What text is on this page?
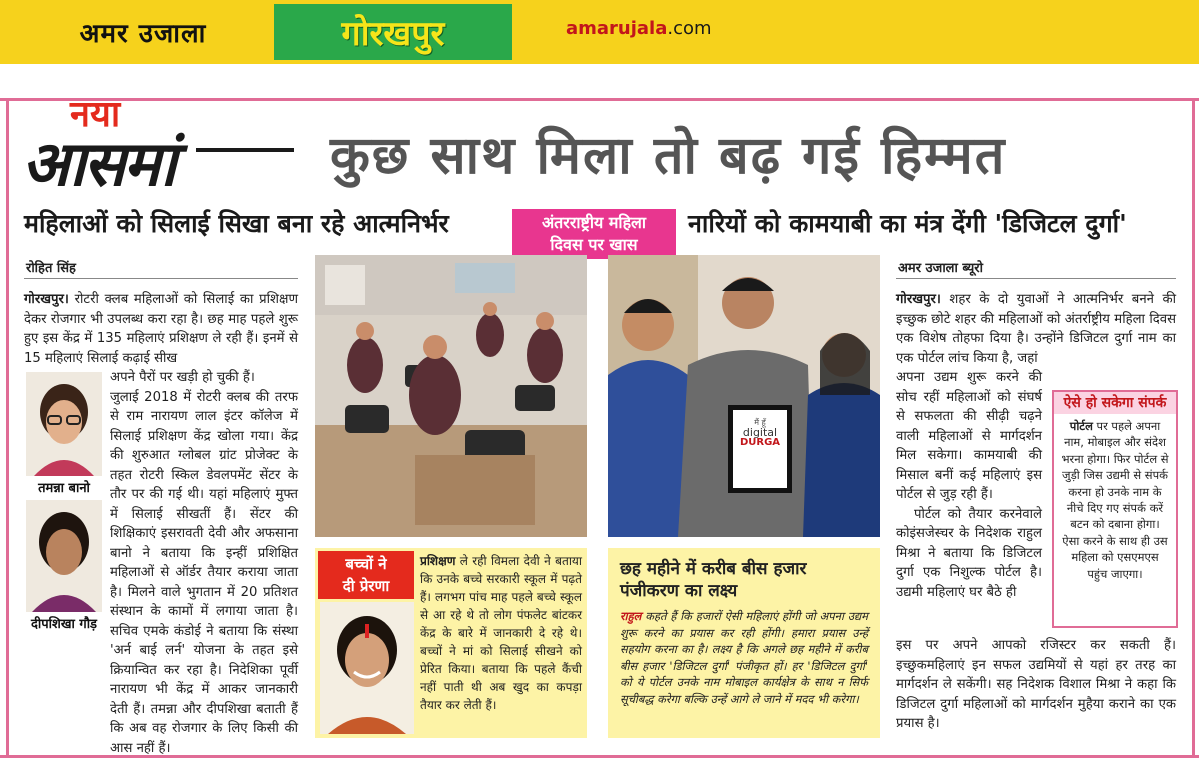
अमर उजाला	गोरखपुर	amarujala.com
नया
आसमां	कुछ साथ मिला तो बढ़ गई हिम्मत
महिलाओं को सिलाई सिखा बना रहे आत्मनिर्भर	अंतरराष्ट्रीय महिला
दिवस पर खास
नारियों को कामयाबी का मंत्र देंगी 'डिजिटल दुर्गा'
रोहित सिंह
गोरखपुर। रोटरी क्लब महिलाओं को सिलाई का प्रशिक्षण देकर रोजगार भी उपलब्ध करा रहा है। छह माह पहले शुरू हुए इस केंद्र में 135 महिलाएं प्रशिक्षण ले रही हैं। इनमें से 15 महिलाएं सिलाई कढ़ाई सीख
तमन्ना बानो
दीपशिखा गौड़
अपने पैरों पर खड़ी हो चुकी हैं।
जुलाई 2018 में रोटरी क्लब की तरफ से राम नारायण लाल इंटर कॉलेज में सिलाई प्रशिक्षण केंद्र खोला गया। केंद्र की शुरुआत ग्लोबल ग्रांट प्रोजेक्ट के तहत रोटरी स्किल डेवलपमेंट सेंटर के तौर पर की गई थी। यहां महिलाएं मुफ्त में सिलाई सीखतीं हैं। सेंटर की शिक्षिकाएं इसरावती देवी और अफसाना बानो ने बताया कि इन्हीं प्रशिक्षित महिलाओं से ऑर्डर तैयार कराया जाता है। मिलने वाले भुगतान में 20 प्रतिशत संस्थान के कामों में लगाया जाता है। सचिव एमके कंडोई ने बताया कि संस्था 'अर्न बाई लर्न' योजना के तहत इसे क्रियान्वित कर रहा है। निदेशिका पूर्वी नारायण भी केंद्र में आकर जानकारी देती हैं। तमन्ना और दीपशिखा बताती हैं कि अब वह रोजगार के लिए किसी की आस नहीं हैं।
बच्चों ने
दी प्रेरणा
प्रशिक्षण ले रही विमला देवी ने बताया कि उनके बच्चे सरकारी स्कूल में पढ़ते हैं। लगभग पांच माह पहले बच्चे स्कूल से आ रहे थे तो लोग पंफलेट बांटकर केंद्र के बारे में जानकारी दे रहे थे। बच्चों ने मां को सिलाई सीखने को प्रेरित किया। बताया कि पहले कैंची नहीं पाती थी अब खुद का कपड़ा तैयार कर लेती हैं।
मैं हूँ
digital
DURGA
छह महीने में करीब बीस हजार पंजीकरण का लक्ष्य
राहुल कहते हैं कि हजारों ऐसी महिलाएं होंगी जो अपना उद्यम शुरू करने का प्रयास कर रही होंगी। हमारा प्रयास उन्हें सहयोग करना का है। लक्ष्य है कि अगले छह महीने में करीब बीस हजार 'डिजिटल दुर्गा' पंजीकृत हों। हर 'डिजिटल दुर्गा' को ये पोर्टल उनके नाम मोबाइल कार्यक्षेत्र के साथ न सिर्फ सूचीबद्ध करेगा बल्कि उन्हें आगे ले जाने में मदद भी करेगा।
अमर उजाला ब्यूरो
गोरखपुर। शहर के दो युवाओं ने आत्मनिर्भर बनने की इच्छुक छोटे शहर की महिलाओं को अंतर्राष्ट्रीय महिला दिवस एक विशेष तोहफा दिया है। उन्होंने डिजिटल दुर्गा नाम का एक पोर्टल लांच किया है, जहां
अपना उद्यम शुरू करने की सोच रहीं महिलाओं को संघर्ष से सफलता की सीढ़ी चढ़ने वाली महिलाओं से मार्गदर्शन मिल सकेगा। कामयाबी की मिसाल बनीं कई महिलाएं इस पोर्टल से जुड़ रही हैं।
पोर्टल को तैयार करनेवाले कोइंसजेस्चर के निदेशक राहुल मिश्रा ने बताया कि डिजिटल दुर्गा एक निशुल्क पोर्टल है। उद्यमी महिलाएं घर बैठे ही
इस पर अपने आपको रजिस्टर कर सकती हैं। इच्छुकमहिलाएं इन सफल उद्यमियों से यहां हर तरह का मार्गदर्शन ले सकेंगी। सह निदेशक विशाल मिश्रा ने कहा कि डिजिटल दुर्गा महिलाओं को मार्गदर्शन मुहैया कराने का एक प्रयास है।
ऐसे हो सकेगा संपर्क
पोर्टल पर पहले अपना नाम, मोबाइल और संदेश भरना होगा। फिर पोर्टल से जुड़ी जिस उद्यमी से संपर्क करना हो उनके नाम के नीचे दिए गए संपर्क करें बटन को दबाना होगा। ऐसा करने के साथ ही उस महिला को एसएमएस पहुंच जाएगा।
